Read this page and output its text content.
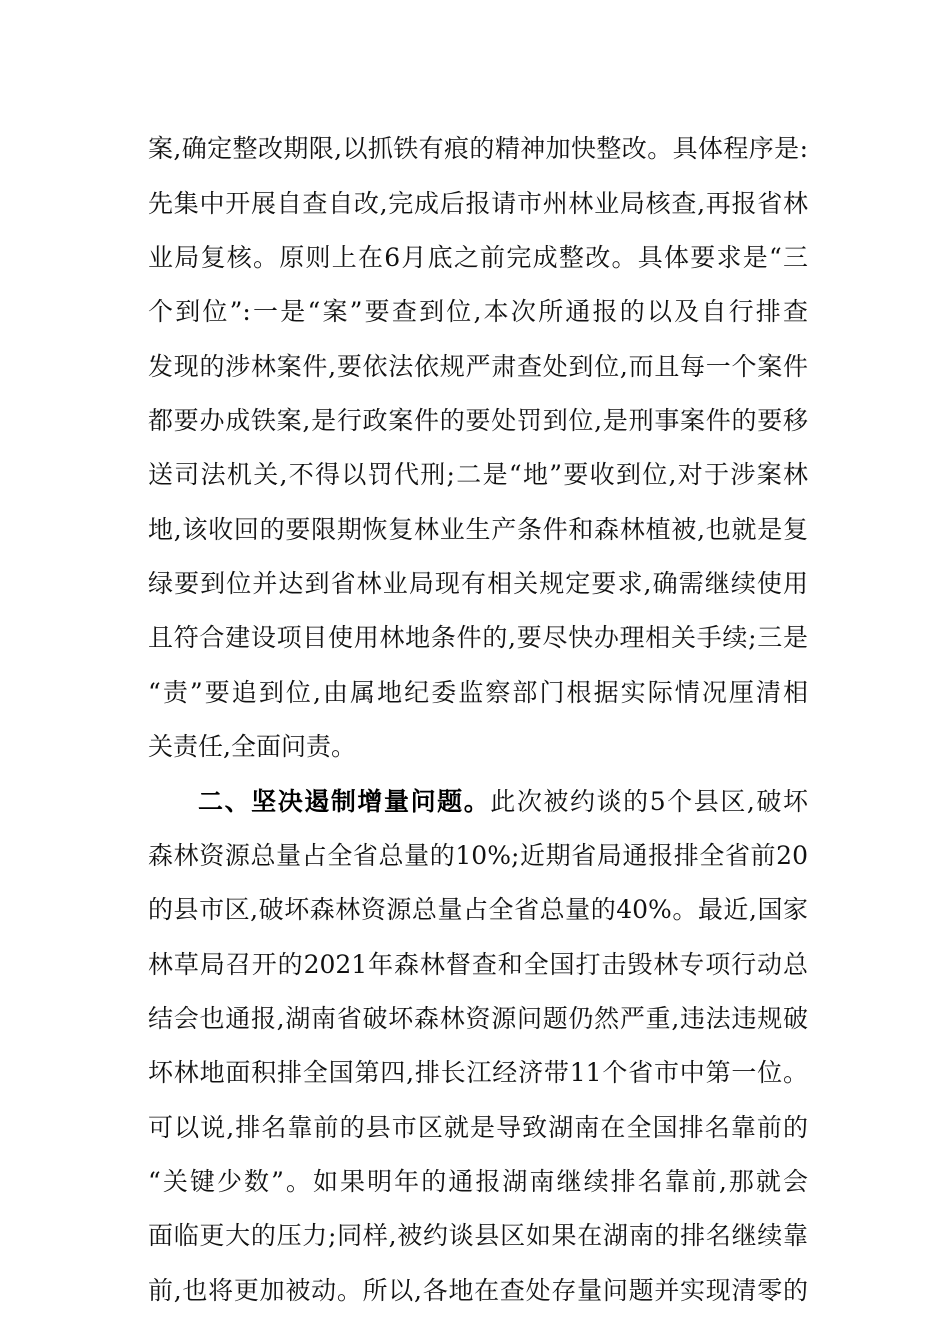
案,确定整改期限,以抓铁有痕的精神加快整改。具体程序是:
先集中开展自查自改,完成后报请市州林业局核查,再报省林
业局复核。原则上在6月底之前完成整改。具体要求是“三
个到位”:一是“案”要查到位,本次所通报的以及自行排查
发现的涉林案件,要依法依规严肃查处到位,而且每一个案件
都要办成铁案,是行政案件的要处罚到位,是刑事案件的要移
送司法机关,不得以罚代刑;二是“地”要收到位,对于涉案林
地,该收回的要限期恢复林业生产条件和森林植被,也就是复
绿要到位并达到省林业局现有相关规定要求,确需继续使用
且符合建设项目使用林地条件的,要尽快办理相关手续;三是
“责”要追到位,由属地纪委监察部门根据实际情况厘清相
关责任,全面问责。
二、坚决遏制增量问题。此次被约谈的5个县区,破坏
森林资源总量占全省总量的10%;近期省局通报排全省前20
的县市区,破坏森林资源总量占全省总量的40%。最近,国家
林草局召开的2021年森林督查和全国打击毁林专项行动总
结会也通报,湖南省破坏森林资源问题仍然严重,违法违规破
坏林地面积排全国第四,排长江经济带11个省市中第一位。
可以说,排名靠前的县市区就是导致湖南在全国排名靠前的
“关键少数”。如果明年的通报湖南继续排名靠前,那就会
面临更大的压力;同样,被约谈县区如果在湖南的排名继续靠
前,也将更加被动。所以,各地在查处存量问题并实现清零的
